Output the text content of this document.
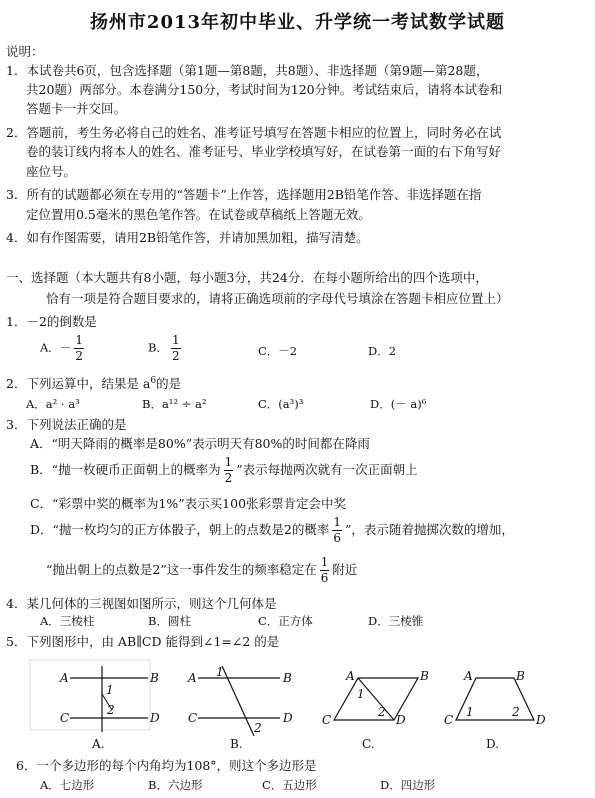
扬州市2013年初中毕业、升学统一考试数学试题
说明：
1．本试卷共6页，包含选择题（第1题—第8题，共8题）、非选择题（第9题—第28题，
共20题）两部分。本卷满分150分，考试时间为120分钟。考试结束后，请将本试卷和
答题卡一并交回。
2．答题前，考生务必将自己的姓名、准考证号填写在答题卡相应的位置上，同时务必在试
卷的装订线内将本人的姓名、准考证号、毕业学校填写好，在试卷第一面的右下角写好
座位号。
3．所有的试题都必须在专用的“答题卡”上作答，选择题用2B铅笔作答、非选择题在指
定位置用0.5毫米的黑色笔作答。在试卷或草稿纸上答题无效。
4．如有作图需要，请用2B铅笔作答，并请加黑加粗，描写清楚。
一、选择题（本大题共有8小题，每小题3分，共24分．在每小题所给出的四个选项中，
恰有一项是符合题目要求的，请将正确选项前的字母代号填涂在答题卡相应位置上）
1．－2的倒数是
A．－ $\frac{1}{2}$	B． $\frac{1}{2}$	C．－2	D．2
2．下列运算中，结果是 $a^6$的是
A．a² · a³	B．a¹² ÷ a²	C．(a³)³	D．(－ a)⁶
3．下列说法正确的是
A．“明天降雨的概率是80%”表示明天有80%的时间都在降雨
B．“抛一枚硬币正面朝上的概率为 $\frac{1}{2}$ ”表示每抛两次就有一次正面朝上
C．“彩票中奖的概率为1%”表示买100张彩票肯定会中奖
D．“抛一枚均匀的正方体骰子，朝上的点数是2的概率 $\frac{1}{6}$ ”，表示随着抛掷次数的增加，
“抛出朝上的点数是2”这一事件发生的频率稳定在 $\frac{1}{6}$ 附近
4．某几何体的三视图如图所示，则这个几何体是
A．三棱柱	B．圆柱	C．正方体	D．三棱锥
5．下列图形中，由 AB∥CD 能得到∠1=∠2 的是
A	B
C	D
1
2
A	B
C	D
1
2
A	B
C	D
1
2
A	B
C	D
1	2
A.	B.	C.	D.
6．一个多边形的每个内角均为108°，则这个多边形是
A．七边形	B．六边形	C．五边形	D．四边形
